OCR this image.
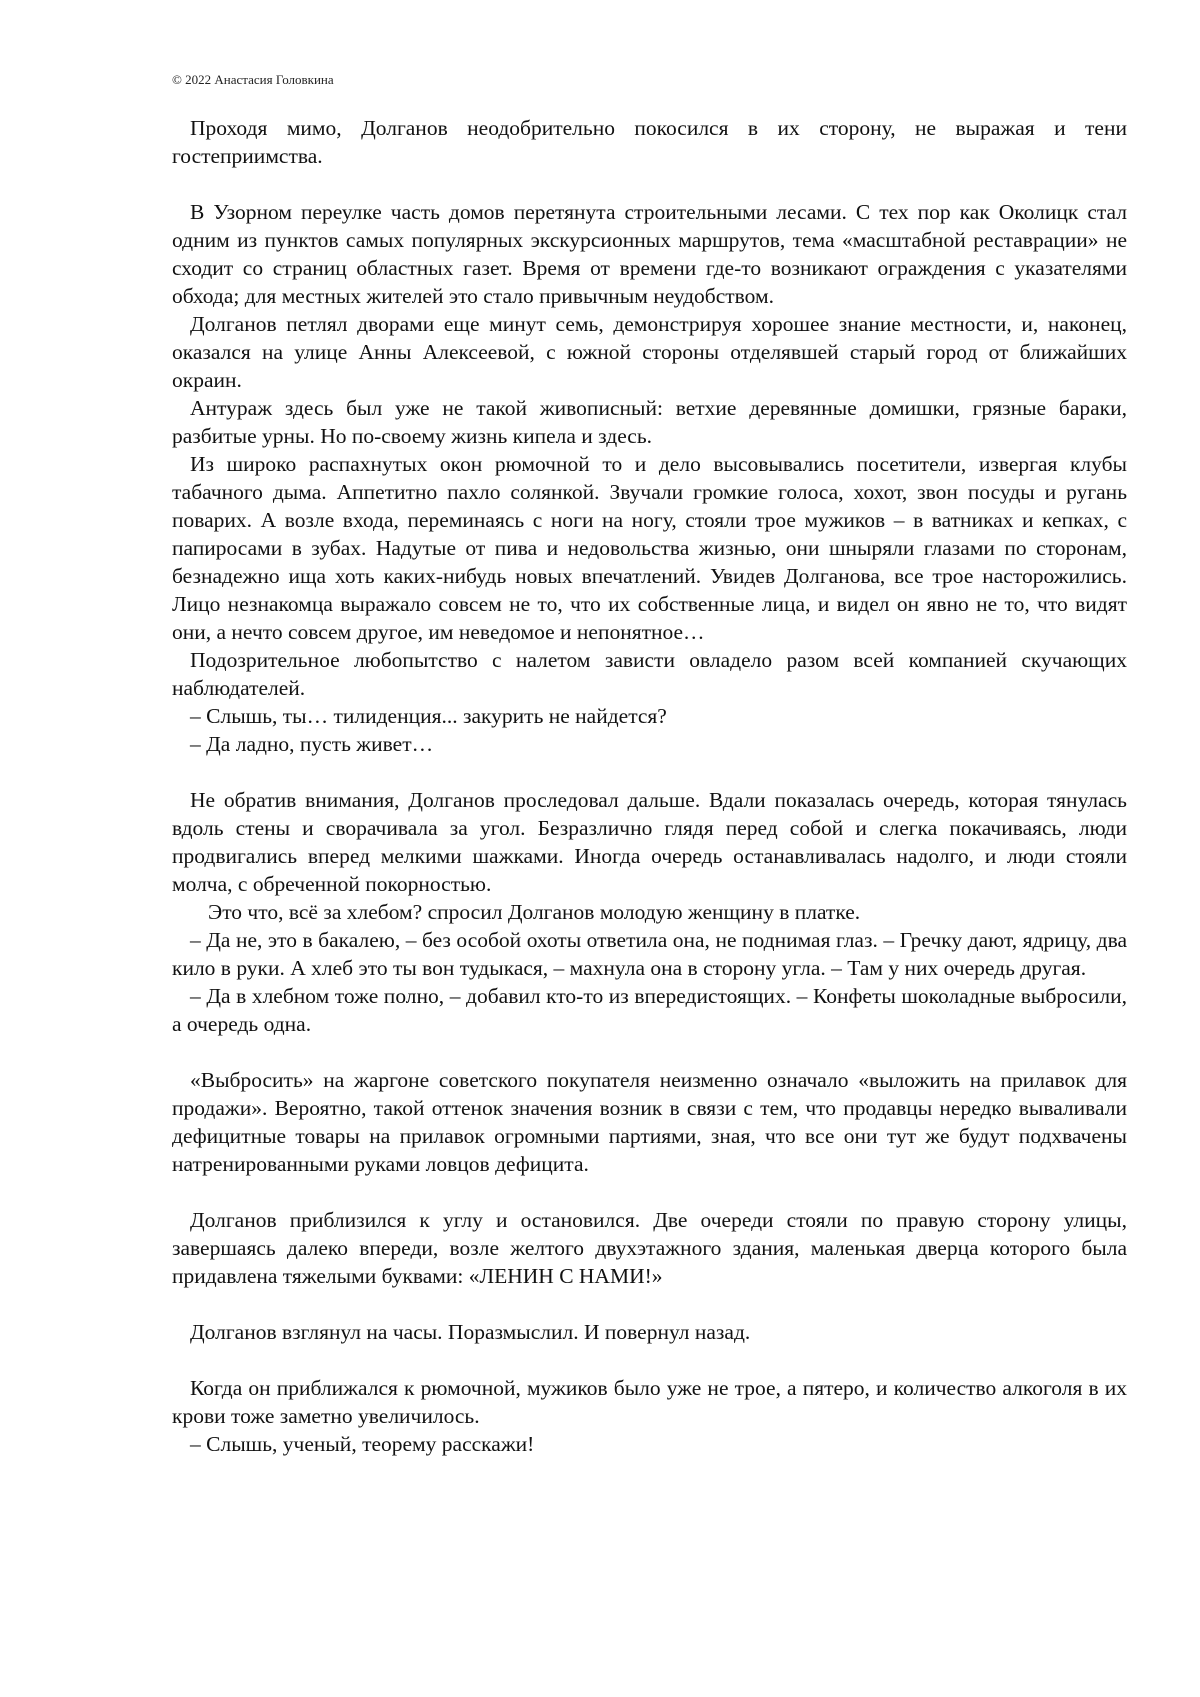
© 2022 Анастасия Головкина

Проходя мимо, Долганов неодобрительно покосился в их сторону, не выражая и тени гостеприимства.

В Узорном переулке часть домов перетянута строительными лесами. С тех пор как Околицк стал одним из пунктов самых популярных экскурсионных маршрутов, тема «масштабной реставрации» не сходит со страниц областных газет. Время от времени где-то возникают ограждения с указателями обхода; для местных жителей это стало привычным неудобством.

Долганов петлял дворами еще минут семь, демонстрируя хорошее знание местности, и, наконец, оказался на улице Анны Алексеевой, с южной стороны отделявшей старый город от ближайших окраин.

Антураж здесь был уже не такой живописный: ветхие деревянные домишки, грязные бараки, разбитые урны. Но по-своему жизнь кипела и здесь.

Из широко распахнутых окон рюмочной то и дело высовывались посетители, извергая клубы табачного дыма. Аппетитно пахло солянкой. Звучали громкие голоса, хохот, звон посуды и ругань поварих. А возле входа, переминаясь с ноги на ногу, стояли трое мужиков – в ватниках и кепках, с папиросами в зубах. Надутые от пива и недовольства жизнью, они шныряли глазами по сторонам, безнадежно ища хоть каких-нибудь новых впечатлений. Увидев Долганова, все трое насторожились. Лицо незнакомца выражало совсем не то, что их собственные лица, и видел он явно не то, что видят они, а нечто совсем другое, им неведомое и непонятное…

Подозрительное любопытство с налетом зависти овладело разом всей компанией скучающих наблюдателей.

– Слышь, ты… тилиденция... закурить не найдется?

– Да ладно, пусть живет…

Не обратив внимания, Долганов проследовал дальше. Вдали показалась очередь, которая тянулась вдоль стены и сворачивала за угол. Безразлично глядя перед собой и слегка покачиваясь, люди продвигались вперед мелкими шажками. Иногда очередь останавливалась надолго, и люди стояли молча, с обреченной покорностью.

Это что, всё за хлебом? спросил Долганов молодую женщину в платке.

– Да не, это в бакалею, – без особой охоты ответила она, не поднимая глаз. – Гречку дают, ядрицу, два кило в руки. А хлеб это ты вон тудыкася, – махнула она в сторону угла. – Там у них очередь другая.

– Да в хлебном тоже полно, – добавил кто-то из впередистоящих. – Конфеты шоколадные выбросили, а очередь одна.

«Выбросить» на жаргоне советского покупателя неизменно означало «выложить на прилавок для продажи». Вероятно, такой оттенок значения возник в связи с тем, что продавцы нередко вываливали дефицитные товары на прилавок огромными партиями, зная, что все они тут же будут подхвачены натренированными руками ловцов дефицита.

Долганов приблизился к углу и остановился. Две очереди стояли по правую сторону улицы, завершаясь далеко впереди, возле желтого двухэтажного здания, маленькая дверца которого была придавлена тяжелыми буквами: «ЛЕНИН С НАМИ!»

Долганов взглянул на часы. Поразмыслил. И повернул назад.

Когда он приближался к рюмочной, мужиков было уже не трое, а пятеро, и количество алкоголя в их крови тоже заметно увеличилось.

– Слышь, ученый, теорему расскажи!
